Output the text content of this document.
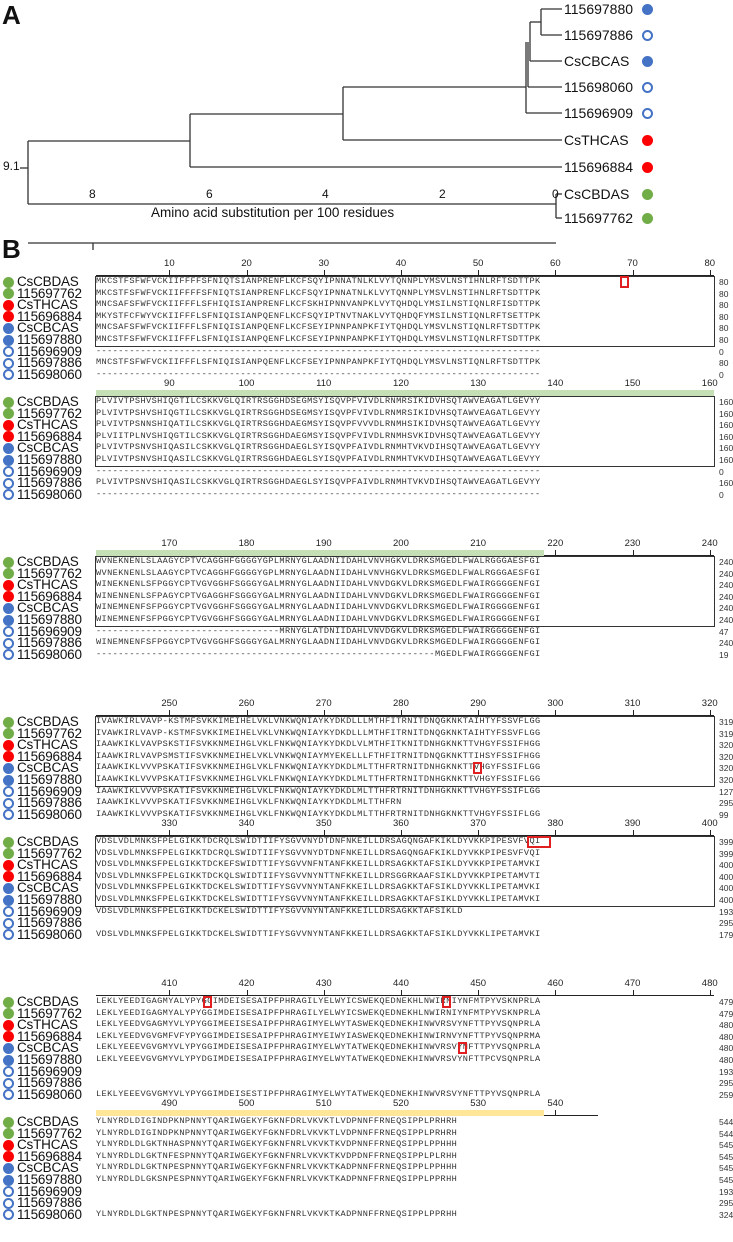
A
9.1
8	6	4	2	0
Amino acid substitution per 100 residues
115697880
115697886
CsCBCAS
115698060
115696909
CsTHCAS
115696884
CsCBDAS
115697762
B	10	20	30	40	50	60	70	80
CsCBDAS MKCSTFSFWFVCKIIFFFFSFNIQTSIANPRENFLKCFSQYIPNNATNLKLVYTQNNPLYMSVLNSTIHNLRFTSDTTPK	80
115697762 MKCSTFSFWFVCKIIFFFFSFNIQTSIANPRENFLKCFSQYIPNNATNLKLVYTQNNPLYMSVLNSTIHNLRFTSDTTPK	80
CsTHCAS MNCSAFSFWFVCKIIFFFLSFHIQISIANPRENFLKCFSKHIPNNVANPKLVYTQHDQLYMSILNSTIQNLRFISDTTPK	80
115696884 MKYSTFCFWYVCKIIFFFLSFNIQISIANPQENFLKCFSQYIPTNVTNAKLVYTQHDQFYMSILNSTIQNLRFTSETTPK	80
CsCBCAS MNCSAFSFWFVCKIIFFFLSFNIQISIANPQENFLKCFSEYIPNNPANPKFIYTQHDQLYMSVLNSTIQNLRFTSDTTPK	80
115697880 MNCSTFSFWFVCKIIFFFLSFNIQISIANPQENFLKCFSEYIPNNPANPKFIYTQHDQLYMSVLNSTIQNLRFTSDTTPK	80
115696909 --------------------------------------------------------------------------------	0
115697886 MNCSTFSFWFVCKIIFFFLSFNIQISIANPQENFLKCFSEYIPNNPANPKFIYTQHDQLYMSVLNSTIQNLRFTSDTTPK	80
115698060 --------------------------------------------------------------------------------	0
90	100	110	120	130	140	150	160
CsCBDAS PLVIVTPSHVSHIQGTILCSKKVGLQIRTRSGGHDSEGMSYISQVPFVIVDLRNMRSIKIDVHSQTAWVEAGATLGEVYY	160
115697762 PLVIVTPSHVSHIQGTILCSKKVGLQIRTRSGGHDSEGMSYISQVPFVIVDLRNMRSIKIDVHSQTAWVEAGATLGEVYY	160
CsTHCAS PLVIVTPSNNSHIQATILCSKKVGLQIRTRSGGHDAEGMSYISQVPFVVVDLRNMHSIKIDVHSQTAWVEAGATLGEVYY	160
115696884 PLVIITPLNVSHIQGTILCSKKVGLQIRTRSGGHDAEGMSYISQVPFVIVDLRNMHSVKIDVHSQTAWVEAGATLGEVYY	160
CsCBCAS PLVIVTPSNVSHIQASILCSKKVGLQIRTRSGGHDAEGLSYISQVPFAIVDLRNMHTVKVDIHSQTAWVEAGATLGEVYY	160
115697880 PLVIVTPSNVSHIQASILCSKKVGLQIRTRSGGHDAEGLSYISQVPFAIVDLRNMHTVKVDIHSQTAWVEAGATLGEVYY	160
115696909 --------------------------------------------------------------------------------	0
115697886 PLVIVTPSNVSHIQASILCSKKVGLQIRTRSGGHDAEGLSYISQVPFAIVDLRNMHTVKVDIHSQTAWVEAGATLGEVYY	160
115698060 --------------------------------------------------------------------------------	0
170	180	190	200	210	220	230	240
CsCBDAS WVNEKNENLSLAAGYCPTVCAGGHFGGGGYGPLMRNYGLAADNIIDAHLVNVHGKVLDRKSMGEDLFWALRGGGAESFGI	240
115697762 WVNEKNENLSLAAGYCPTVCAGGHFGGGGYGPLMRNYGLAADNIIDAHLVNVHGKVLDRKSMGEDLFWALRGGGAESFGI	240
CsTHCAS WINEKNENLSFPGGYCPTVGVGGHFSGGGYGALMRNYGLAADNIIDAHLVNVDGKVLDRKSMGEDLFWAIRGGGGENFGI	240
115696884 WINENNENLSFPAGYCPTVGAGGHFSGGGYGALMRNYGLAADNIIDAHLVNVDGKVLDRKSMGEDLFWAIRGGGGENFGI	240
CsCBCAS WINEMNENFSFPGGYCPTVGVGGHFSGGGYGALMRNYGLAADNIIDAHLVNVDGKVLDRKSMGEDLFWAIRGGGGENFGI	240
115697880 WINEMNENFSFPGGYCPTVGVGGHFSGGGYGALMRNYGLAADNIIDAHLVNVDGKVLDRKSMGEDLFWAIRGGGGENFGI	240
115696909 ---------------------------------MRNYGLATDNIIDAHLVNVDGKVLDRKSMGEDLFWAIRGGGGENFGI	47
115697886 WINEMNENFSFPGGYCPTVGVGGHFSGGGYGALMRNYGLAADNIIDAHLVNVDGKVLDRKSMGEDLFWAIRGGGGENFGI	240
115698060 -------------------------------------------------------------MGEDLFWAIRGGGGENFGI	19
250	260	270	280	290	300	310	320
CsCBDAS IVAWKIRLVAVP-KSTMFSVKKIMEIHELVKLVNKWQNIAYKYDKDLLLMTHFITRNITDNQGKNKTAIHTYFSSVFLGG	319
115697762 IVAWKIRLVAVP-KSTMFSVKKIMEIHELVKLVNKWQNIAYKYDKDLLLMTHFITRNITDNQGKNKTAIHTYFSSVFLGG	319
CsTHCAS IAAWKIKLVAVPSKSTIFSVKKNMEIHGLVKLFNKWQNIAYKYDKDLVLMTHFITKNITDNHGKNKTTVHGYFSSIFHGG	320
115696884 IAAWKIRLVAVPSMSTIFSVKKNMEIHELVKLVNKWQNIAYMYEKELLLFTHFITRNITDNQGKNKTTIHSYFSSIFHGG	320
CsCBCAS IAAWKIKLVVVPSKATIFSVKKNMEIHGLVKLFNKWQNIAYKYDKDLMLTTHFRTRNITDNHGKNKTTVHGYFSSIFLGG	320
115697880 IAAWKIKLVVVPSKATIFSVKKNMEIHGLVKLFNKWQNIAYKYDKDLMLTTHFRTRNITDNHGKNKTTVHGYFSSIFLGG	320
115696909 IAAWKIKLVVVPSKATIFSVKKNMEIHGLVKLFNKWQNIAYKYDKDLMLTTHFRTRNITDNHGKNKTTVHGYFSSIFLGG	127
115697886 IAAWKIKLVVVPSKATIFSVKKNMEIHGLVKLFNKWQNIAYKYDKDLMLTTHFRN	295
115698060 IAAWKIKLVVVPSKATIFSVKKNMEIHGLVKLFNKWQNIAYKYDKDLMLTTHFRTRNITDNHGKNKTTVHGYFSSIFLGG	99
330	340	350	360	370	380	390	400
CsCBDAS VDSLVDLMNKSFPELGIKKTDCRQLSWIDTIIFYSGVVNYDTDNFNKEILLDRSAGQNGAFKIKLDYVKKPIPESVFVQI	399
115697762 VDSLVDLMNKSFPELGIKKTDCRQLSWIDTIIFYSGVVNYDTDNFNKEILLDRSAGQNGAFKIKLDYVKKPIPESVFVQI	399
CsTHCAS VDSLVDLMNKSFPELGIKKTDCKEFSWIDTTIFYSGVVNFNTANFKKEILLDRSAGKKTAFSIKLDYVKKPIPETAMVKI	400
115696884 VDSLVDLMNKSFPELGIKKTDCKQLSWIDTIIFYSGVVNYNTTNFKKEILLDRSGGRKAAFSIKLDYVKKPIPETAMVTI	400
CsCBCAS VDSLVDLMNKSFPELGIKKTDCKELSWIDTTIFYSGVVNYNTANFKKEILLDRSAGKKTAFSIKLDYVKKLIPETAMVKI	400
115697880 VDSLVDLMNKSFPELGIKKTDCKELSWIDTTIFYSGVVNYNTANFKKEILLDRSAGKKTAFSIKLDYVKKLIPETAMVKI	400
115696909 VDSLVDLMNKSFPELGIKKTDCKELSWIDTTIFYSGVVNYNTANFKKEILLDRSAGKKTAFSIKLD	193
115697886	295
115698060 VDSLVDLMNKSFPELGIKKTDCKELSWIDTTIFYSGVVNYNTANFKKEILLDRSAGKKTAFSIKLDYVKKLIPETAMVKI	179
410	420	430	440	450	460	470	480
CsCBDAS LEKLYEEDIGAGMYALYPYGGIMDEISESAIPFPHRAGILYELWYICSWEKQEDNEKHLNWIRNIYNFMTPYVSKNPRLA	479
115697762 LEKLYEEDIGAGMYALYPYGGIMDEISESAIPFPHRAGILYELWYICSWEKQEDNEKHLNWIRNIYNFMTPYVSKNPRLA	479
CsTHCAS LEKLYEEDVGAGMYVLYPYGGIMEEISESAIPFPHRAGIMYELWYTASWEKQEDNEKHINWVRSVYNFTTPYVSQNPRLA	480
115696884 LEKLYEEDVGVGMFVFYPYGGIMDEISESAIPFPHRAGIMYEIWYIASWEKQEDNEKHINWIRNVYNFTTPYVSQNPRMA	480
CsCBCAS LEKLYEEEVGVGMYVLYPYGGIMDEISESAIPFPHRAGIMYELWYTATWEKQEDNEKHINWVRSVYNFTTPYVSQNPRLA	480
115697880 LEKLYEEEVGVGMYVLYPYDGIMDEISESAIPFPHRAGIMYELWYTATWEKQEDNEKHINWVRSVYNFTTPCVSQNPRLA	480
115696909	193
115697886	295
115698060 LEKLYEEEVGVGMYVLYPYGGIMDEISESTIPFPHRAGIMYELWYTATWEKQEDNEKHINWVRSVYNFTTPYVSQNPRLA	259
490	500	510	520	530	540
CsCBDAS YLNYRDLDIGINDPKNPNNYTQARIWGEKYFGKNFDRLVKVKTLVDPNNFFRNEQSIPPLPRHRH	544
115697762 YLNYRDLDIGINDPKNPNNYTQARIWGEKYFGKNFDRLVKVKTLVDPNNFFRNEQSIPPLPRHRH	544
CsTHCAS YLNYRDLDLGKTNHASPNNYTQARIWGEKYFGKNFNRLVKVKTKVDPNNFFRNEQSIPPLPPHHH	545
115696884 YLNYRDLDLGKTNFESPNNYTQARIWGEKYFGKNFNRLVKVKTKVDPDNFFRNEQSIPPLPLRHH	545
CsCBCAS YLNYRDLDLGKTNPESPNNYTQARIWGEKYFGKNFNRLVKVKTKADPNNFFRNEQSIPPLPPHHH	545
115697880 YLNYRDLDLGKSNPESPNNYTQARIWGEKYFGKNFNRLVKVKTKADPNNFFRNEQSIPPLPPRHH	545
115696909	193
115697886	295
115698060 YLNYRDLDLGKTNPESPNNYTQARIWGEKYFGKNFNRLVKVKTKADPNNFFRNEQSIPPLPPRHH	324
